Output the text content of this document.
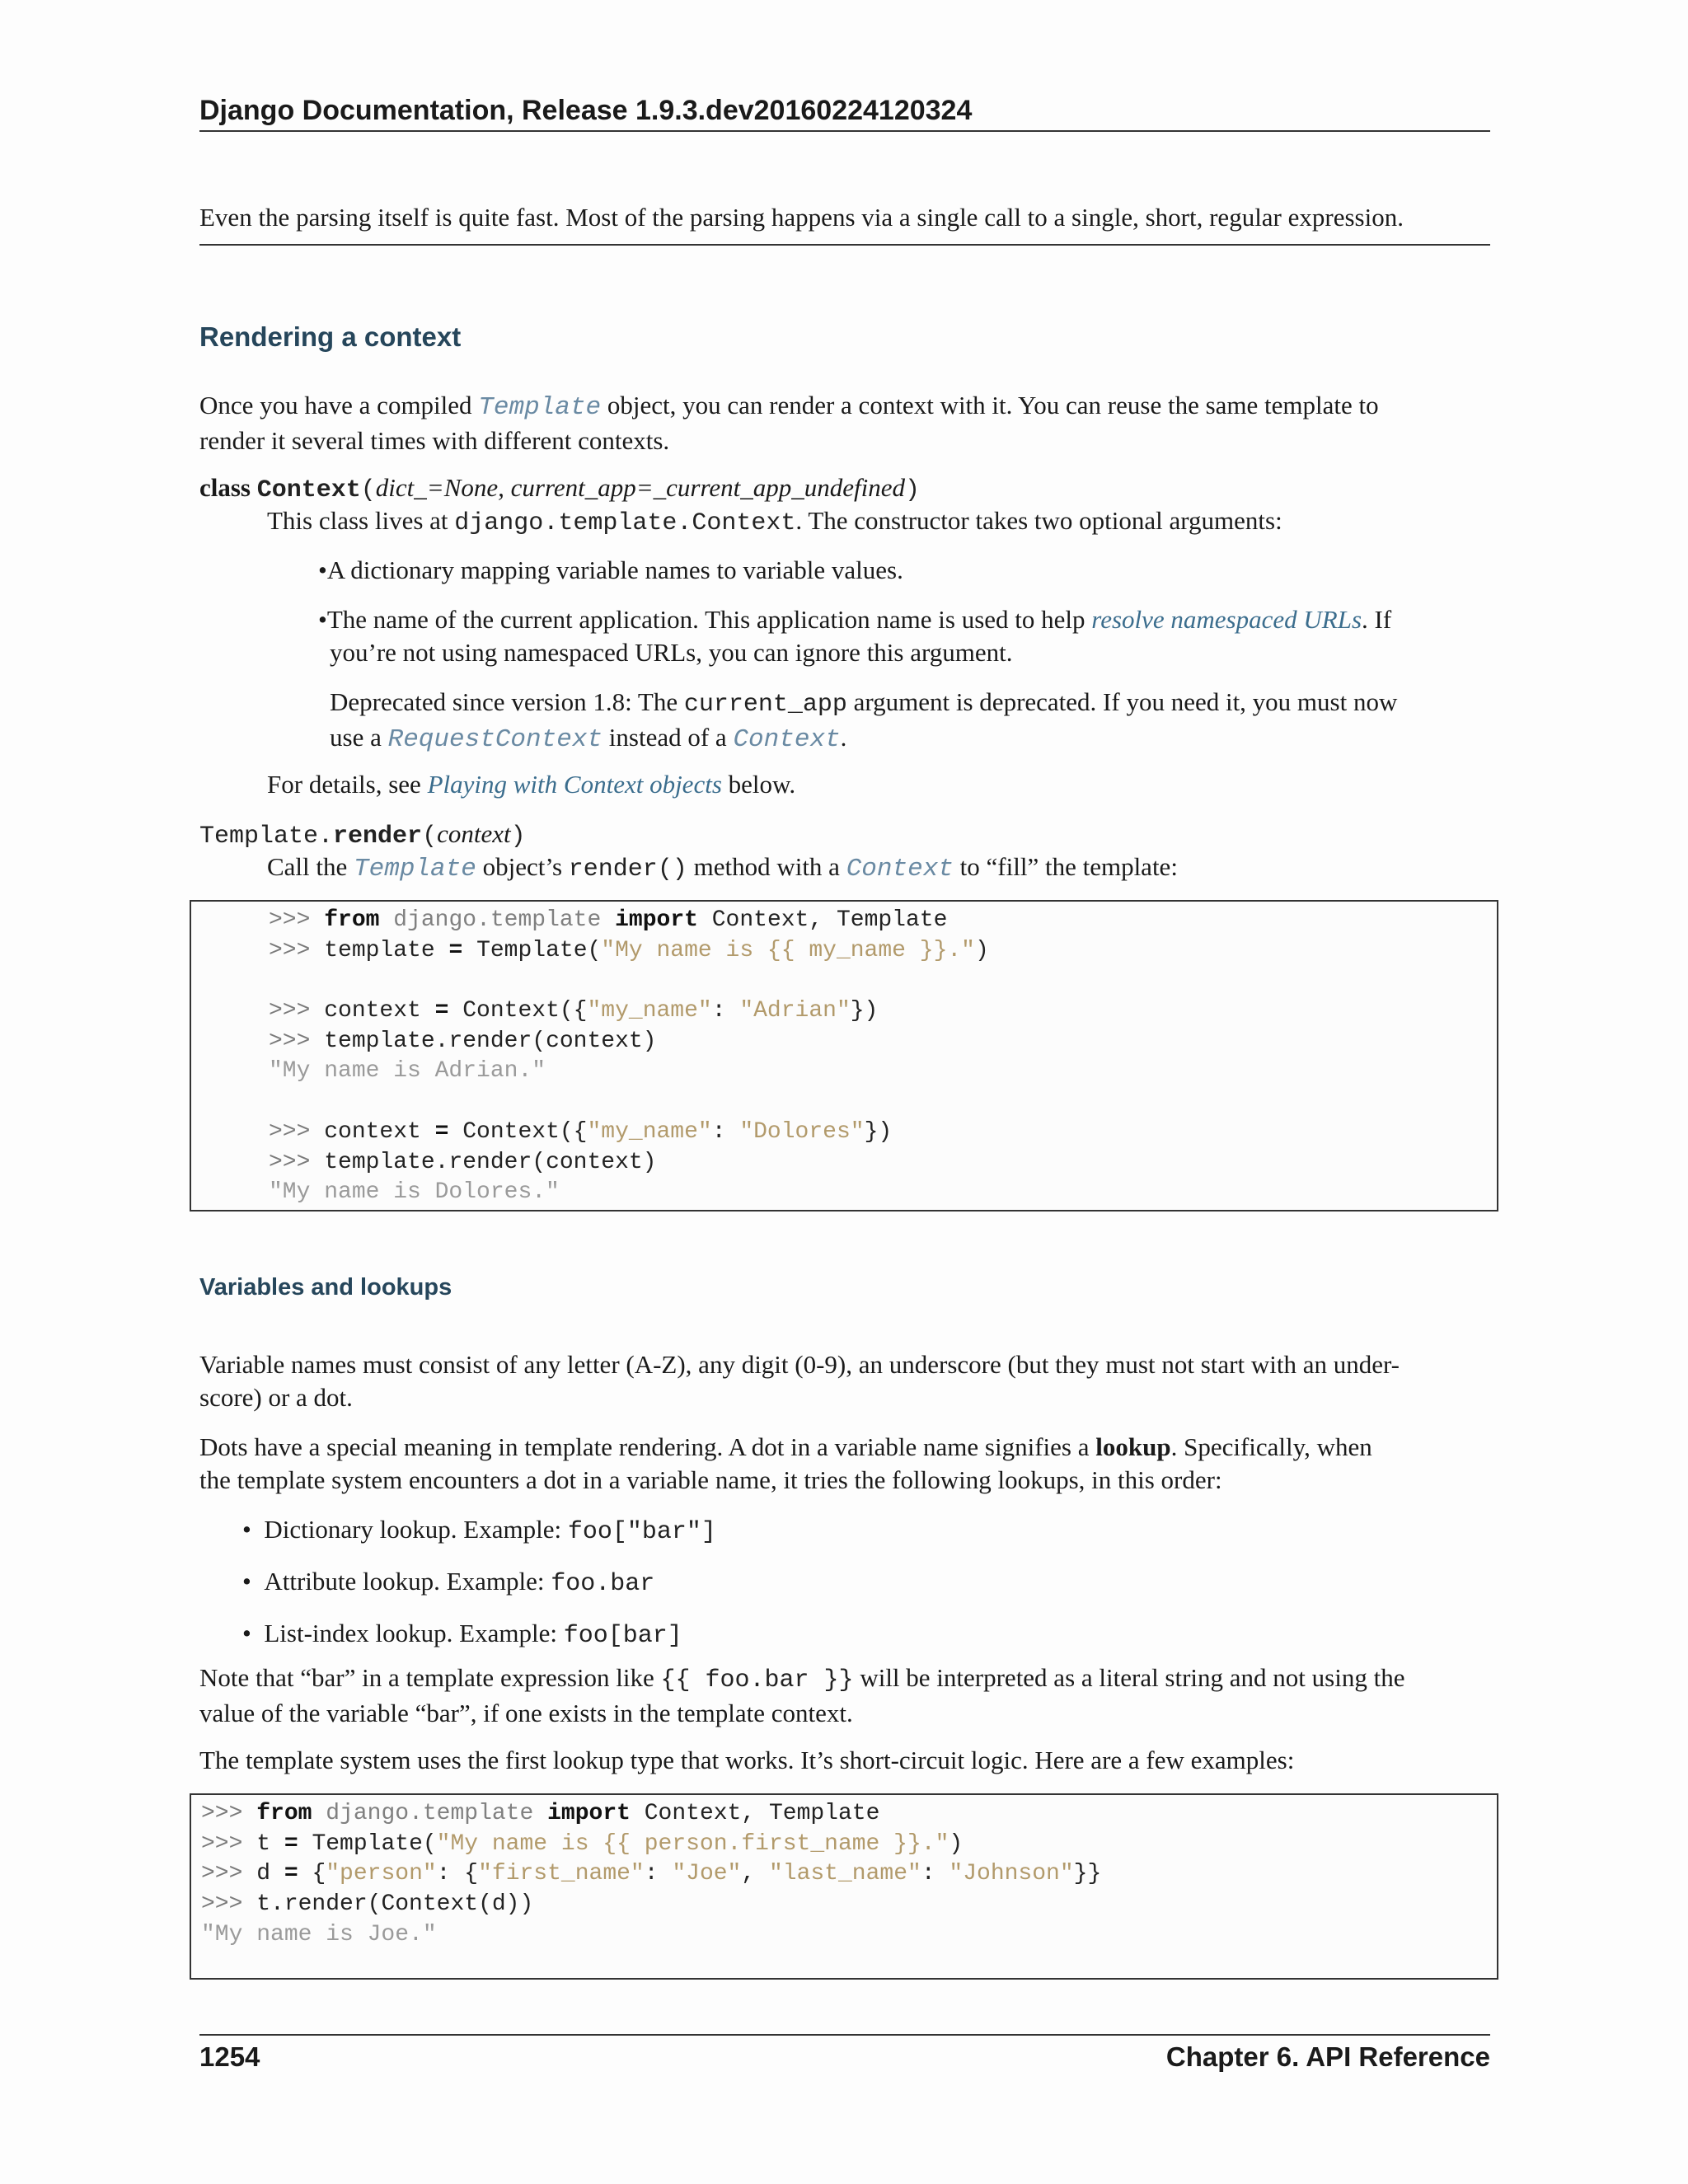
Django Documentation, Release 1.9.3.dev20160224120324

Even the parsing itself is quite fast. Most of the parsing happens via a single call to a single, short, regular expression.

Rendering a context

Once you have a compiled Template object, you can render a context with it. You can reuse the same template to

render it several times with different contexts.

class Context(dict_=None, current_app=_current_app_undefined)

This class lives at django.template.Context. The constructor takes two optional arguments:

•A dictionary mapping variable names to variable values.

•The name of the current application. This application name is used to help resolve namespaced URLs. If

you’re not using namespaced URLs, you can ignore this argument.

Deprecated since version 1.8: The current_app argument is deprecated. If you need it, you must now

use a RequestContext instead of a Context.

For details, see Playing with Context objects below.

Template.render(context)

Call the Template object’s render() method with a Context to “fill” the template:

>>> from django.template import Context, Template
>>> template = Template("My name is {{ my_name }}.")
>>> context = Context({"my_name": "Adrian"})
>>> template.render(context)
"My name is Adrian."
>>> context = Context({"my_name": "Dolores"})
>>> template.render(context)
"My name is Dolores."
Variables and lookups

Variable names must consist of any letter (A-Z), any digit (0-9), an underscore (but they must not start with an under-

score) or a dot.

Dots have a special meaning in template rendering. A dot in a variable name signifies a lookup. Specifically, when

the template system encounters a dot in a variable name, it tries the following lookups, in this order:

•  Dictionary lookup. Example: foo["bar"]

•  Attribute lookup. Example: foo.bar

•  List-index lookup. Example: foo[bar]

Note that “bar” in a template expression like {{ foo.bar }} will be interpreted as a literal string and not using the

value of the variable “bar”, if one exists in the template context.

The template system uses the first lookup type that works. It’s short-circuit logic. Here are a few examples:

>>> from django.template import Context, Template
>>> t = Template("My name is {{ person.first_name }}.")
>>> d = {"person": {"first_name": "Joe", "last_name": "Johnson"}}
>>> t.render(Context(d))
"My name is Joe."
1254	Chapter 6. API Reference
